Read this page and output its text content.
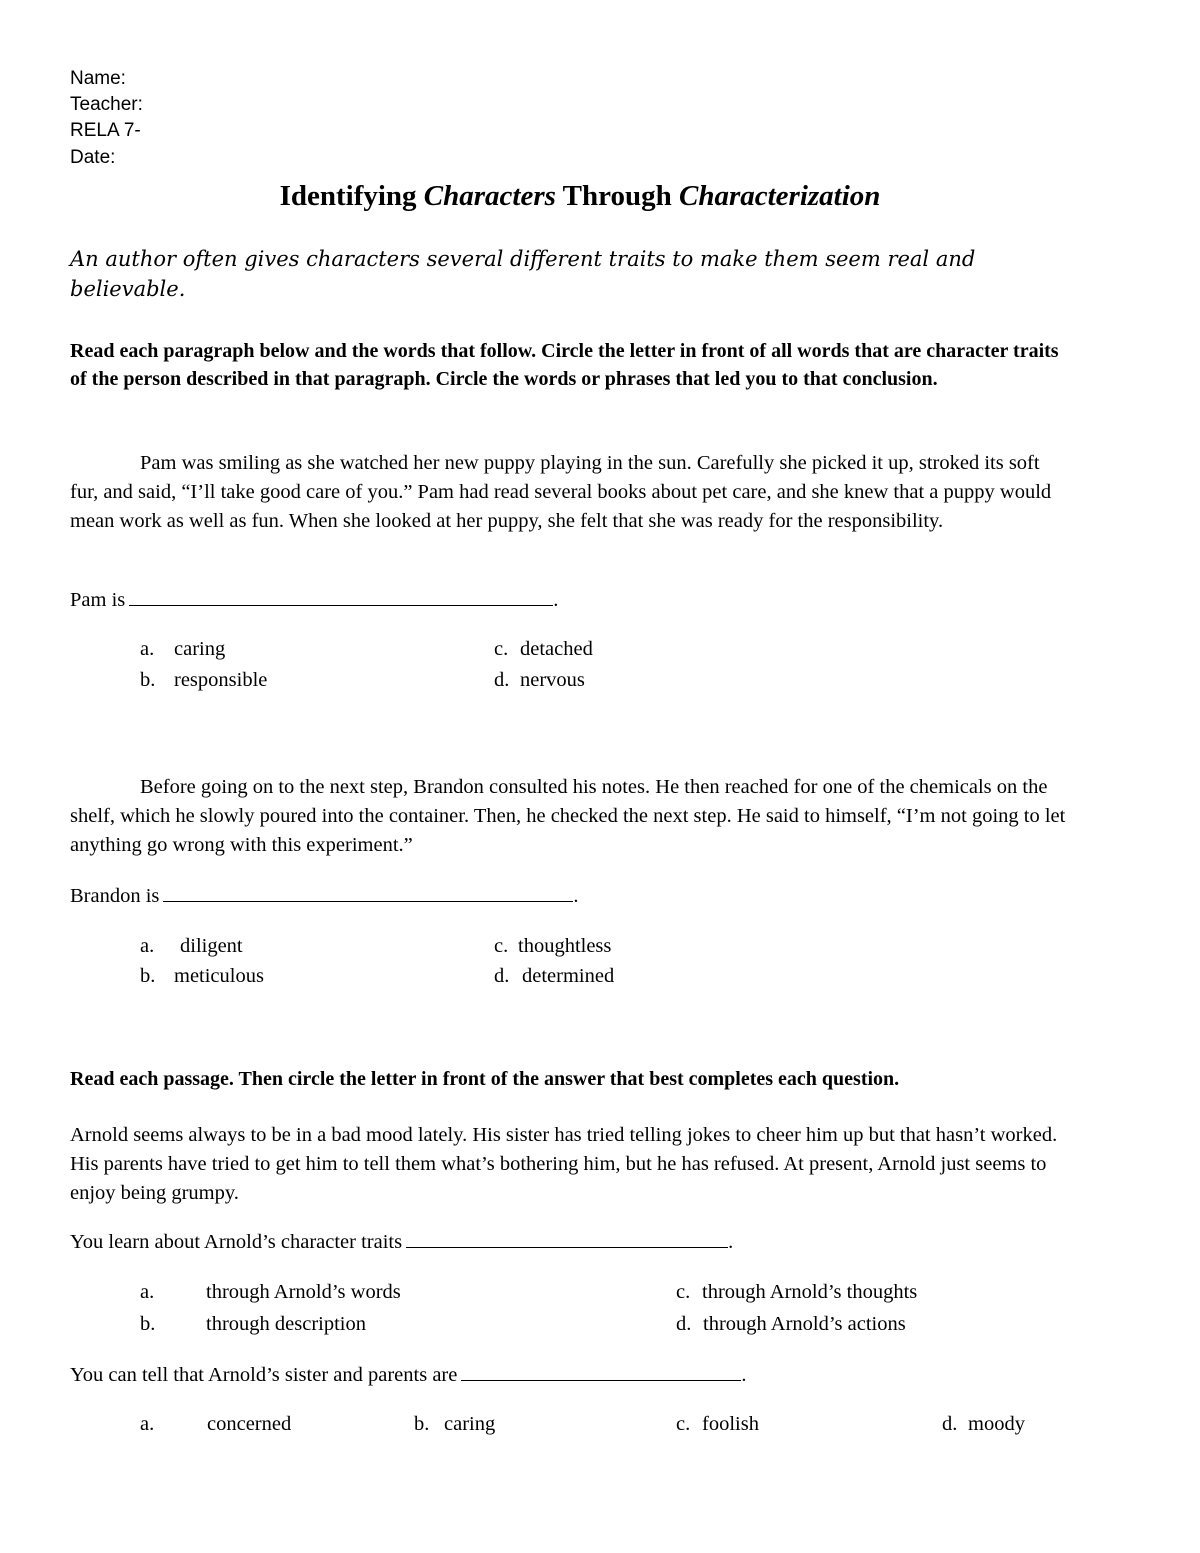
Name:
Teacher:
RELA 7-
Date:
Identifying Characters Through Characterization
An author often gives characters several different traits to make them seem real and believable.
Read each paragraph below and the words that follow. Circle the letter in front of all words that are character traits of the person described in that paragraph. Circle the words or phrases that led you to that conclusion.
Pam was smiling as she watched her new puppy playing in the sun. Carefully she picked it up, stroked its soft fur, and said, “I’ll take good care of you.” Pam had read several books about pet care, and she knew that a puppy would mean work as well as fun. When she looked at her puppy, she felt that she was ready for the responsibility.
Pam is	.
a. caring
b. responsible
c. detached
d. nervous
Before going on to the next step, Brandon consulted his notes. He then reached for one of the chemicals on the shelf, which he slowly poured into the container. Then, he checked the next step. He said to himself, “I’m not going to let anything go wrong with this experiment.”
Brandon is	.
a. diligent
b. meticulous
c. thoughtless
d. determined
Read each passage. Then circle the letter in front of the answer that best completes each question.
Arnold seems always to be in a bad mood lately. His sister has tried telling jokes to cheer him up but that hasn’t worked. His parents have tried to get him to tell them what’s bothering him, but he has refused. At present, Arnold just seems to enjoy being grumpy.
You learn about Arnold’s character traits	.
a.	through Arnold’s words
b. through description
c. through Arnold’s thoughts
d. through Arnold’s actions
You can tell that Arnold’s sister and parents are	.
a.	concerned	b. caring	c. foolish	d. moody
